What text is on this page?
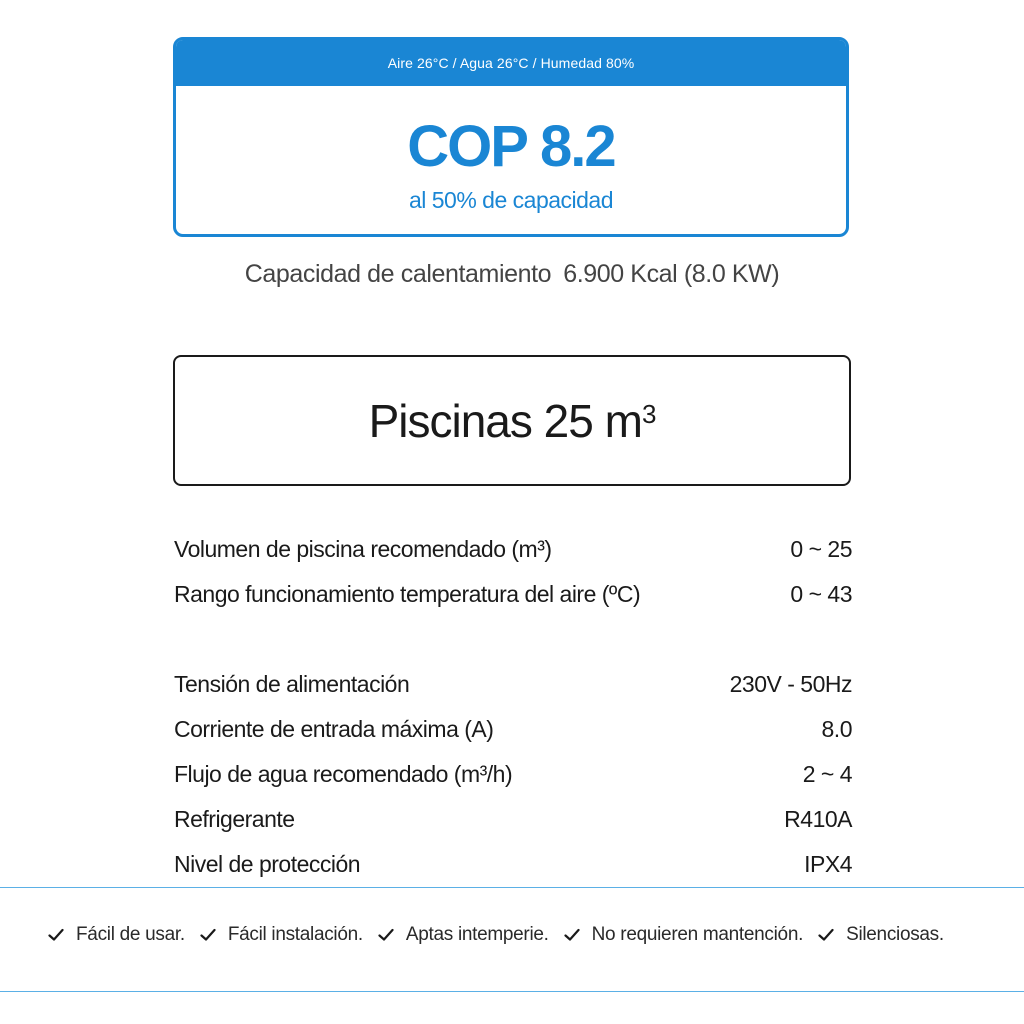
Aire 26°C / Agua 26°C / Humedad 80%
COP 8.2
al 50% de capacidad
Capacidad de calentamiento 6.900 Kcal (8.0 KW)
Piscinas 25 $m^3$
Volumen de piscina recomendado (m³)	0 ~ 25
Rango funcionamiento temperatura del aire (ºC)	0 ~ 43
Tensión de alimentación	230V - 50Hz
Corriente de entrada máxima (A)	8.0
Flujo de agua recomendado (m³/h)	2 ~ 4
Refrigerante	R410A
Nivel de protección	IPX4
Fácil de usar. Fácil instalación. Aptas intemperie. No requieren mantención. Silenciosas.
